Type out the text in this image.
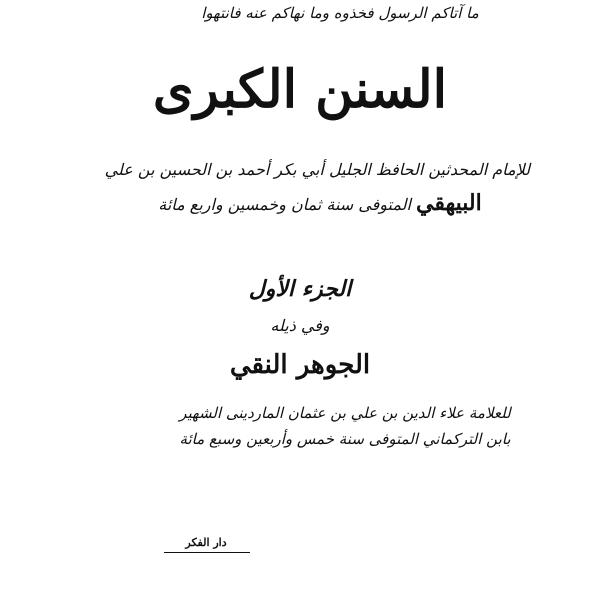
ما آتاكم الرسول فخذوه وما نهاكم عنه فانتهوا
السنن الكبرى
للإمام المحدثين الحافظ الجليل أبي بكر أحمد بن الحسين بن علي
البيهقي المتوفى سنة ثمان وخمسين واربع مائة
الجزء الأول
وفي ذيله
الجوهر النقي
للعلامة علاء الدين بن علي بن عثمان الماردينى الشهير
بابن التركماني المتوفى سنة خمس وأربعين وسبع مائة
دار الفكر
